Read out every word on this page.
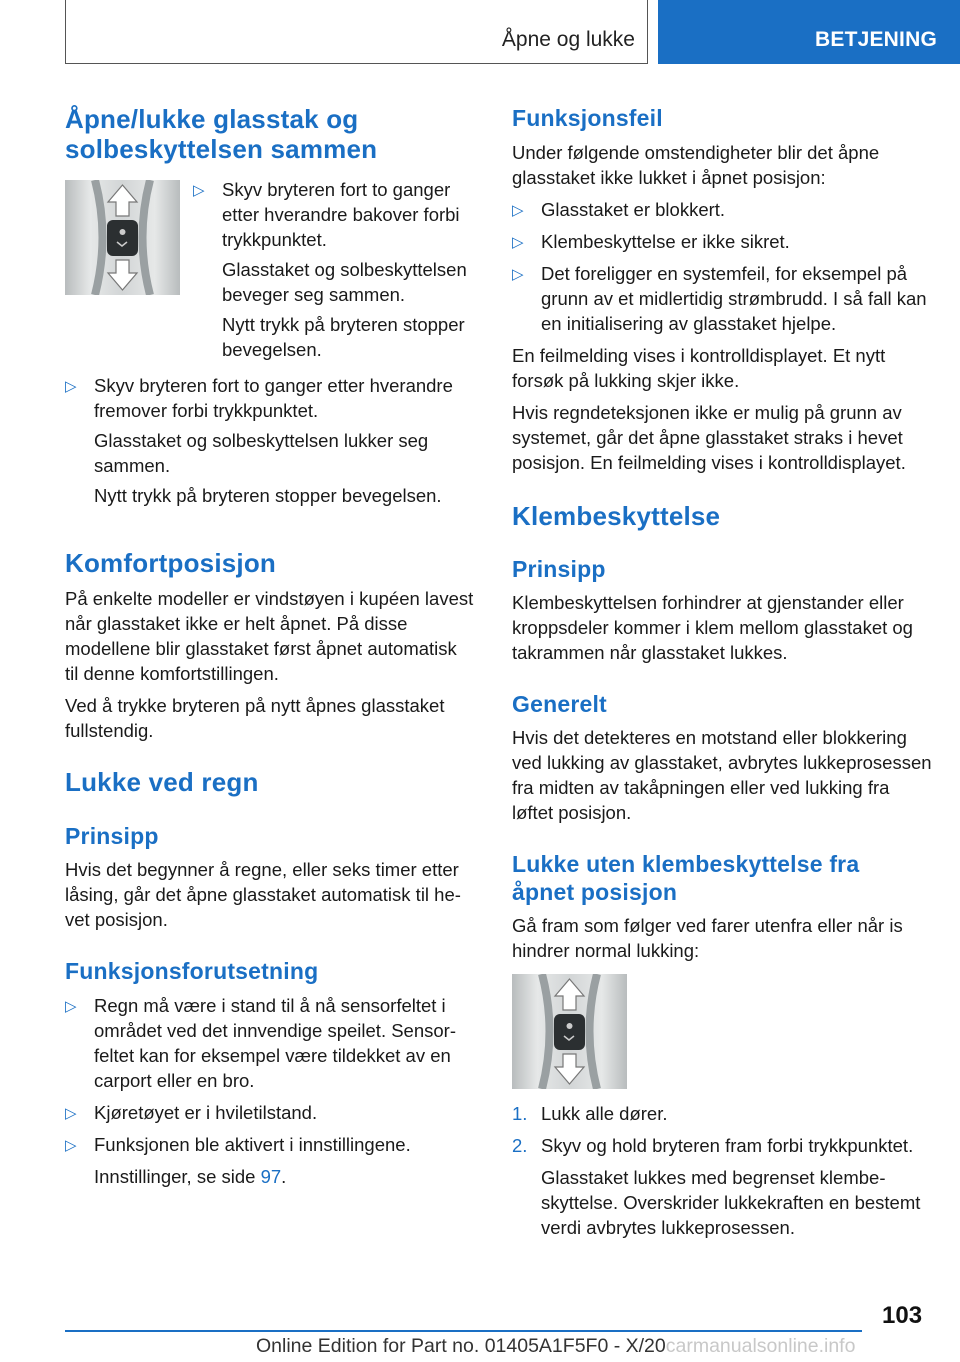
Åpne og lukke	BETJENING
Åpne/lukke glasstak og solbeskyttelsen sammen
▷ Skyv bryteren fort to ganger etter hverandre bakover forbi trykkpunktet.
Glasstaket og solbeskyttelsen beveger seg sammen.
Nytt trykk på bryteren stopper bevegelsen.
▷ Skyv bryteren fort to ganger etter hverandre fremover forbi trykkpunktet.
Glasstaket og solbeskyttelsen lukker seg sammen.
Nytt trykk på bryteren stopper bevegelsen.
Komfortposisjon
På enkelte modeller er vindstøyen i kupéen lavest når glasstaket ikke er helt åpnet. På disse modellene blir glasstaket først åpnet automatisk til denne komfortstillingen.
Ved å trykke bryteren på nytt åpnes glasstaket fullstendig.
Lukke ved regn
Prinsipp
Hvis det begynner å regne, eller seks timer etter låsing, går det åpne glasstaket automatisk til hevet posisjon.
Funksjonsforutsetning
▷ Regn må være i stand til å nå sensorfeltet i området ved det innvendige speilet. Sensorfeltet kan for eksempel være tildekket av en carport eller en bro.
▷ Kjøretøyet er i hviletilstand.
▷ Funksjonen ble aktivert i innstillingene.
Innstillinger, se side 97.
Funksjonsfeil
Under følgende omstendigheter blir det åpne glasstaket ikke lukket i åpnet posisjon:
▷ Glasstaket er blokkert.
▷ Klembeskyttelse er ikke sikret.
▷ Det foreligger en systemfeil, for eksempel på grunn av et midlertidig strømbrudd. I så fall kan en initialisering av glasstaket hjelpe.
En feilmelding vises i kontrolldisplayet. Et nytt forsøk på lukking skjer ikke.
Hvis regndeteksjonen ikke er mulig på grunn av systemet, går det åpne glasstaket straks i hevet posisjon. En feilmelding vises i kontrolldisplayet.
Klembeskyttelse
Prinsipp
Klembeskyttelsen forhindrer at gjenstander eller kroppsdeler kommer i klem mellom glasstaket og takrammen når glasstaket lukkes.
Generelt
Hvis det detekteres en motstand eller blokkering ved lukking av glasstaket, avbrytes lukkeprosessen fra midten av takåpningen eller ved lukking fra løftet posisjon.
Lukke uten klembeskyttelse fra åpnet posisjon
Gå fram som følger ved farer utenfra eller når is hindrer normal lukking:
1. Lukk alle dører.
2. Skyv og hold bryteren fram forbi trykkpunktet.
Glasstaket lukkes med begrenset klembeskyttelse. Overskrider lukkekraften en bestemt verdi avbrytes lukkeprosessen.
103
Online Edition for Part no. 01405A1F5F0 - X/20carmanualsonline.info
